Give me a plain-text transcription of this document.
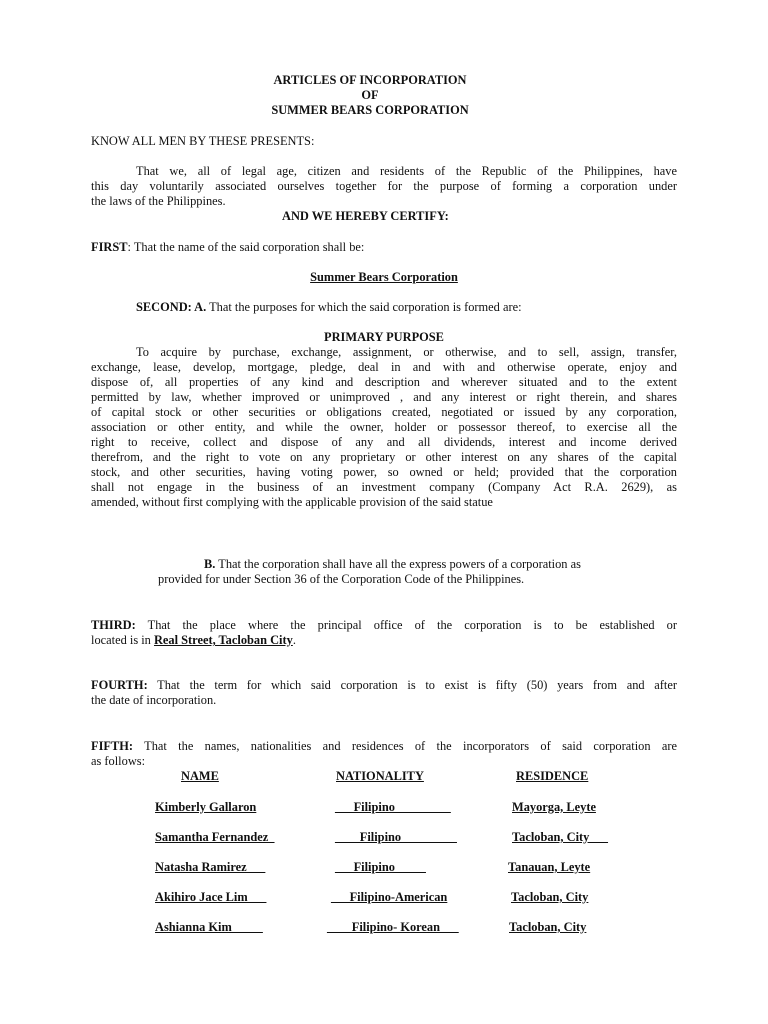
ARTICLES OF INCORPORATION
OF
SUMMER BEARS CORPORATION
KNOW ALL MEN BY THESE PRESENTS:
That we, all of legal age, citizen and residents of the Republic of the Philippines, have
this day voluntarily associated ourselves together for the purpose of forming a corporation under
the laws of the Philippines.
AND WE HEREBY CERTIFY:
FIRST: That the name of the said corporation shall be:
Summer Bears Corporation
SECOND: A. That the purposes for which the said corporation is formed are:
PRIMARY PURPOSE
To acquire by purchase, exchange, assignment, or otherwise, and to sell, assign, transfer,
exchange, lease, develop, mortgage, pledge, deal in and with and otherwise operate, enjoy and
dispose of, all properties of any kind and description and wherever situated and to the extent
permitted by law, whether improved or unimproved , and any interest or right therein, and shares
of capital stock or other securities or obligations created, negotiated or issued by any corporation,
association or other entity, and while the owner, holder or possessor thereof, to exercise all the
right to receive, collect and dispose of any and all dividends, interest and income derived
therefrom, and the right to vote on any proprietary or other interest on any shares of the capital
stock, and other securities, having voting power, so owned or held; provided that the corporation
shall not engage in the business of an investment company (Company Act R.A. 2629), as
amended, without first complying with the applicable provision of the said statue
B. That the corporation shall have all the express powers of a corporation as
provided for under Section 36 of the Corporation Code of the Philippines.
THIRD: That the place where the principal office of the corporation is to be established or
located is in Real Street, Tacloban City.
FOURTH: That the term for which said corporation is to exist is fifty (50) years from and after
the date of incorporation.
FIFTH: That the names, nationalities and residences of the incorporators of said corporation are
as follows:
NAME	NATIONALITY	RESIDENCE
Kimberly Gallaron	___Filipino_________	Mayorga, Leyte
Samantha Fernandez_	____Filipino_________	Tacloban, City___
Natasha Ramirez___	___Filipino_____	Tanauan, Leyte
Akihiro Jace Lim___	___Filipino-American	Tacloban, City
Ashianna Kim_____	____Filipino- Korean___	Tacloban, City
